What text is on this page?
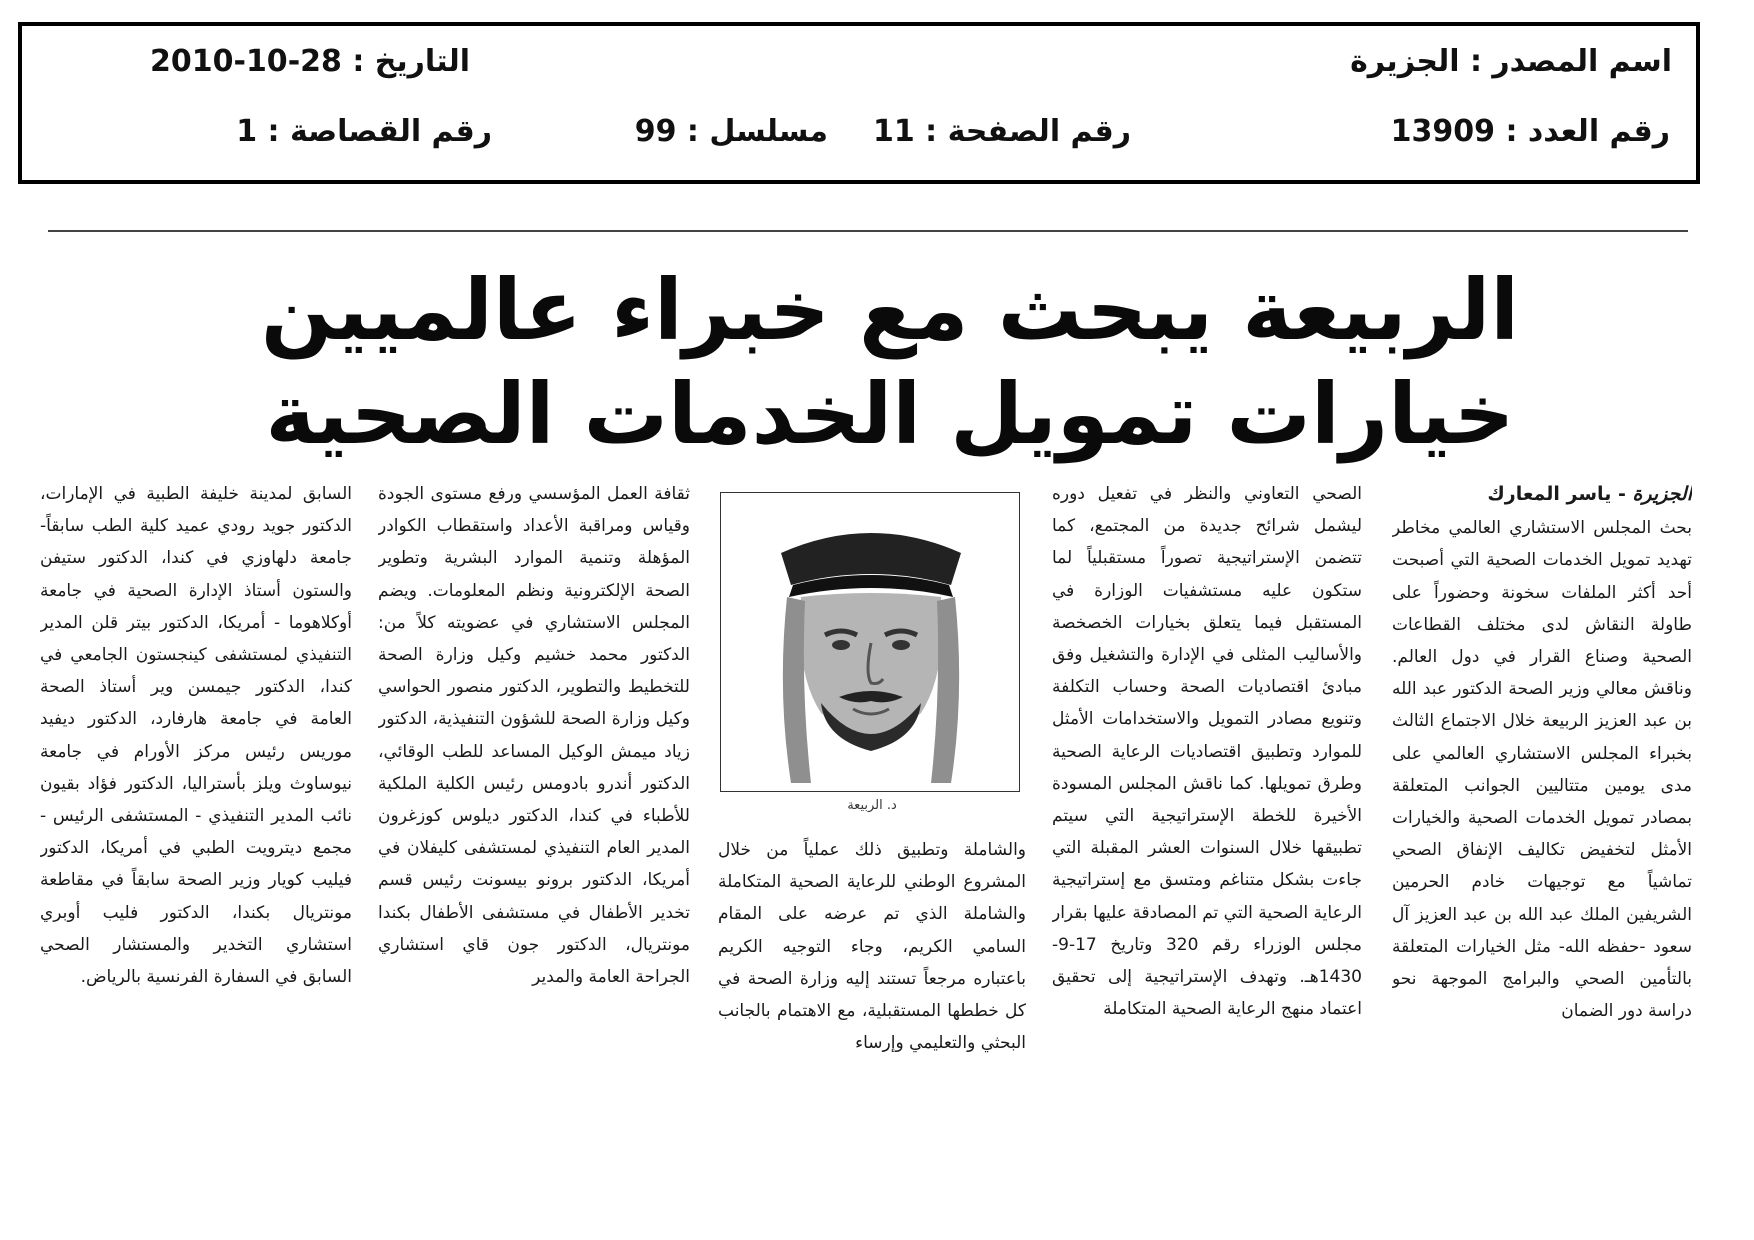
اسم المصدر : الجزيرة
التاريخ : 28-10-2010
رقم العدد : 13909
رقم الصفحة : 11
مسلسل : 99
رقم القصاصة : 1
الربيعة يبحث مع خبراء عالميين
خيارات تمويل الخدمات الصحية
الجزيرة - ياسر المعارك

بحث المجلس الاستشاري العالمي مخاطر تهديد تمويل الخدمات الصحية التي أصبحت أحد أكثر الملفات سخونة وحضوراً على طاولة النقاش لدى مختلف القطاعات الصحية وصناع القرار في دول العالم. وناقش معالي وزير الصحة الدكتور عبد الله بن عبد العزيز الربيعة خلال الاجتماع الثالث بخبراء المجلس الاستشاري العالمي على مدى يومين متتاليين الجوانب المتعلقة بمصادر تمويل الخدمات الصحية والخيارات الأمثل لتخفيض تكاليف الإنفاق الصحي تماشياً مع توجيهات خادم الحرمين الشريفين الملك عبد الله بن عبد العزيز آل سعود -حفظه الله- مثل الخيارات المتعلقة بالتأمين الصحي والبرامج الموجهة نحو دراسة دور الضمان

الصحي التعاوني والنظر في تفعيل دوره ليشمل شرائح جديدة من المجتمع، كما تتضمن الإستراتيجية تصوراً مستقبلياً لما ستكون عليه مستشفيات الوزارة في المستقبل فيما يتعلق بخيارات الخصخصة والأساليب المثلى في الإدارة والتشغيل وفق مبادئ اقتصاديات الصحة وحساب التكلفة وتنويع مصادر التمويل والاستخدامات الأمثل للموارد وتطبيق اقتصاديات الرعاية الصحية وطرق تمويلها. كما ناقش المجلس المسودة الأخيرة للخطة الإستراتيجية التي سيتم تطبيقها خلال السنوات العشر المقبلة التي جاءت بشكل متناغم ومتسق مع إستراتيجية الرعاية الصحية التي تم المصادقة عليها بقرار مجلس الوزراء رقم 320 وتاريخ 17-9-1430هـ. وتهدف الإستراتيجية إلى تحقيق اعتماد منهج الرعاية الصحية المتكاملة

د. الربيعة

والشاملة وتطبيق ذلك عملياً من خلال المشروع الوطني للرعاية الصحية المتكاملة والشاملة الذي تم عرضه على المقام السامي الكريم، وجاء التوجيه الكريم باعتباره مرجعاً تستند إليه وزارة الصحة في كل خططها المستقبلية، مع الاهتمام بالجانب البحثي والتعليمي وإرساء

ثقافة العمل المؤسسي ورفع مستوى الجودة وقياس ومراقبة الأعداد واستقطاب الكوادر المؤهلة وتنمية الموارد البشرية وتطوير الصحة الإلكترونية ونظم المعلومات. ويضم المجلس الاستشاري في عضويته كلاً من: الدكتور محمد خشيم وكيل وزارة الصحة للتخطيط والتطوير، الدكتور منصور الحواسي وكيل وزارة الصحة للشؤون التنفيذية، الدكتور زياد ميمش الوكيل المساعد للطب الوقائي، الدكتور أندرو بادومس رئيس الكلية الملكية للأطباء في كندا، الدكتور ديلوس كوزغرون المدير العام التنفيذي لمستشفى كليفلان في أمريكا، الدكتور برونو بيسونت رئيس قسم تخدير الأطفال في مستشفى الأطفال بكندا مونتريال، الدكتور جون قاي استشاري الجراحة العامة والمدير

السابق لمدينة خليفة الطبية في الإمارات، الدكتور جويد رودي عميد كلية الطب سابقاً- جامعة دلهاوزي في كندا، الدكتور ستيفن والستون أستاذ الإدارة الصحية في جامعة أوكلاهوما - أمريكا، الدكتور بيتر قلن المدير التنفيذي لمستشفى كينجستون الجامعي في كندا، الدكتور جيمسن وير أستاذ الصحة العامة في جامعة هارفارد، الدكتور ديفيد موريس رئيس مركز الأورام في جامعة نيوساوث ويلز بأستراليا، الدكتور فؤاد بقيون نائب المدير التنفيذي - المستشفى الرئيس - مجمع ديترويت الطبي في أمريكا، الدكتور فيليب كويار وزير الصحة سابقاً في مقاطعة مونتريال بكندا، الدكتور فليب أوبري استشاري التخدير والمستشار الصحي السابق في السفارة الفرنسية بالرياض.
